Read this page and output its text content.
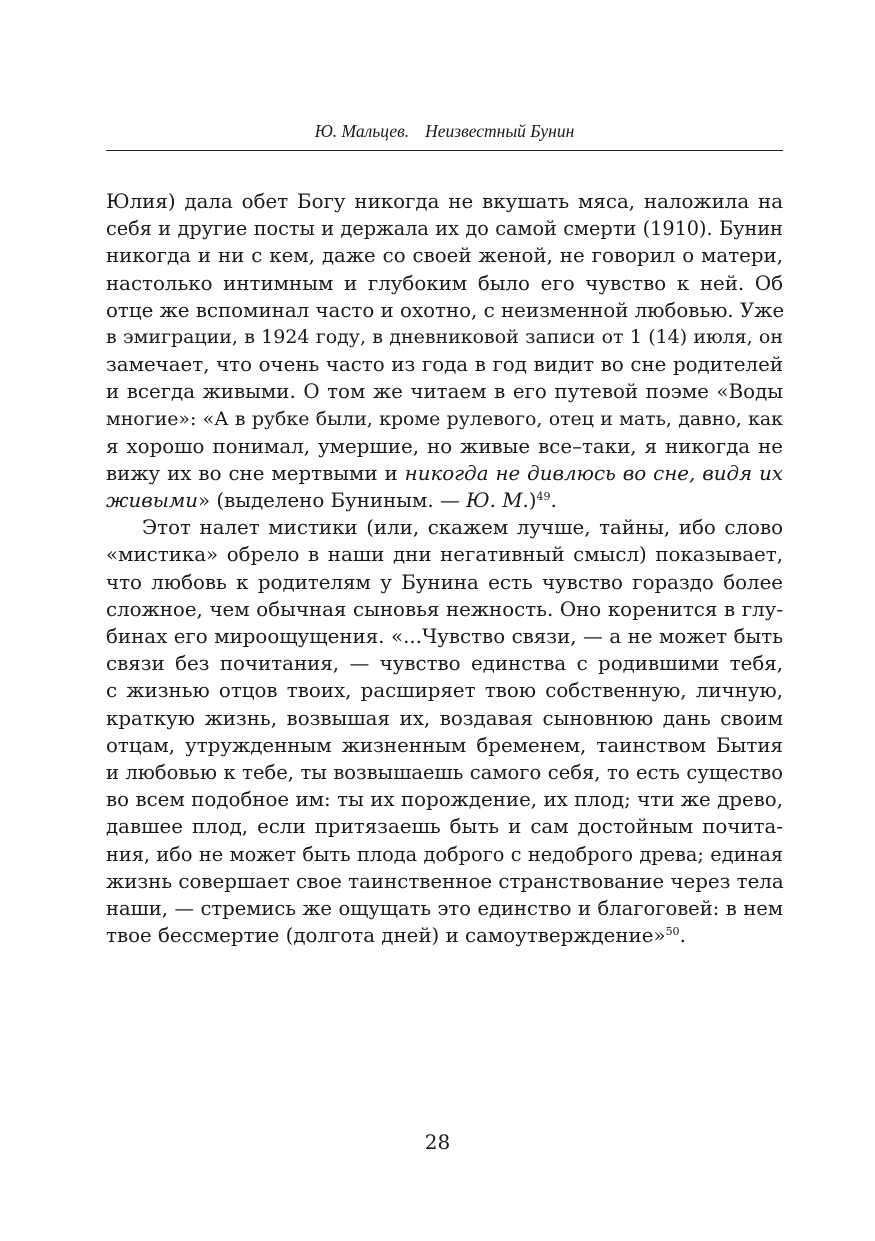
Ю. Мальцев. Неизвестный Бунин
Юлия) дала обет Богу никогда не вкушать мяса, наложила на
себя и другие посты и держала их до самой смерти (1910). Бунин
никогда и ни с кем, даже со своей женой, не говорил о матери,
настолько интимным и глубоким было его чувство к ней. Об
отце же вспоминал часто и охотно, с неизменной любовью. Уже
в эмиграции, в 1924 году, в дневниковой записи от 1 (14) июля, он
замечает, что очень часто из года в год видит во сне родителей
и всегда живыми. О том же читаем в его путевой поэме «Воды
многие»: «А в рубке были, кроме рулевого, отец и мать, давно, как
я хорошо понимал, умершие, но живые все–таки, я никогда не
вижу их во сне мертвыми и никогда не дивлюсь во сне, видя их
живыми» (выделено Буниным. — Ю. М.)$^{49}$.
Этот налет мистики (или, скажем лучше, тайны, ибо слово
«мистика» обрело в наши дни негативный смысл) показывает,
что любовь к родителям у Бунина есть чувство гораздо более
сложное, чем обычная сыновья нежность. Оно коренится в глу-
бинах его мироощущения. «...Чувство связи, — а не может быть
связи без почитания, — чувство единства с родившими тебя,
с жизнью отцов твоих, расширяет твою собственную, личную,
краткую жизнь, возвышая их, воздавая сыновнюю дань своим
отцам, утружденным жизненным бременем, таинством Бытия
и любовью к тебе, ты возвышаешь самого себя, то есть существо
во всем подобное им: ты их порождение, их плод; чти же древо,
давшее плод, если притязаешь быть и сам достойным почита-
ния, ибо не может быть плода доброго с недоброго древа; единая
жизнь совершает свое таинственное странствование через тела
наши, — стремись же ощущать это единство и благоговей: в нем
твое бессмертие (долгота дней) и самоутверждение»$^{50}$.
28
